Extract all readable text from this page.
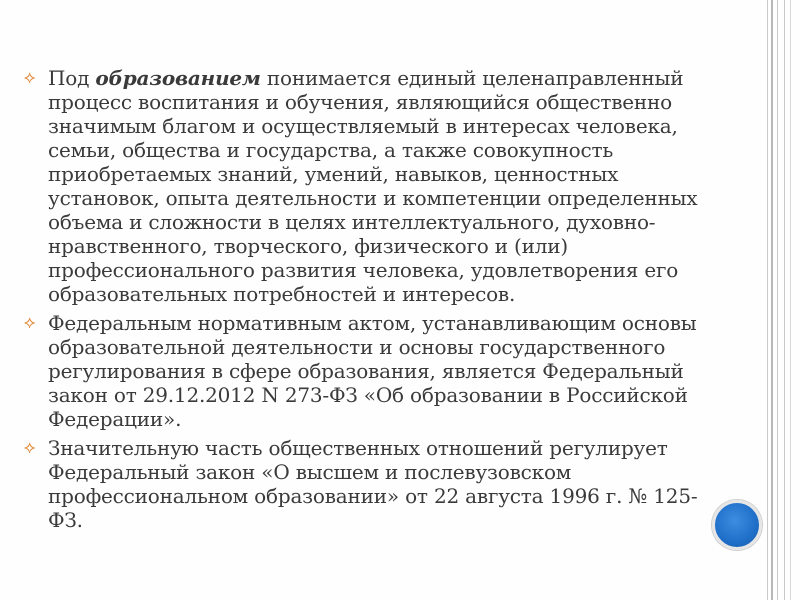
⟡ Под образованием понимается единый целенаправленный процесс воспитания и обучения, являющийся общественно значимым благом и осуществляемый в интересах человека, семьи, общества и государства, а также совокупность приобретаемых знаний, умений, навыков, ценностных установок, опыта деятельности и компетенции определенных объема и сложности в целях интеллектуального, духовно-нравственного, творческого, физического и (или) профессионального развития человека, удовлетворения его образовательных потребностей и интересов.
⟡ Федеральным нормативным актом, устанавливающим основы образовательной деятельности и основы государственного регулирования в сфере образования, является Федеральный закон от 29.12.2012 N 273-ФЗ «Об образовании в Российской Федерации».
⟡ Значительную часть общественных отношений регулирует Федеральный закон «О высшем и послевузовском профессиональном образовании» от 22 августа 1996 г. № 125-ФЗ.
